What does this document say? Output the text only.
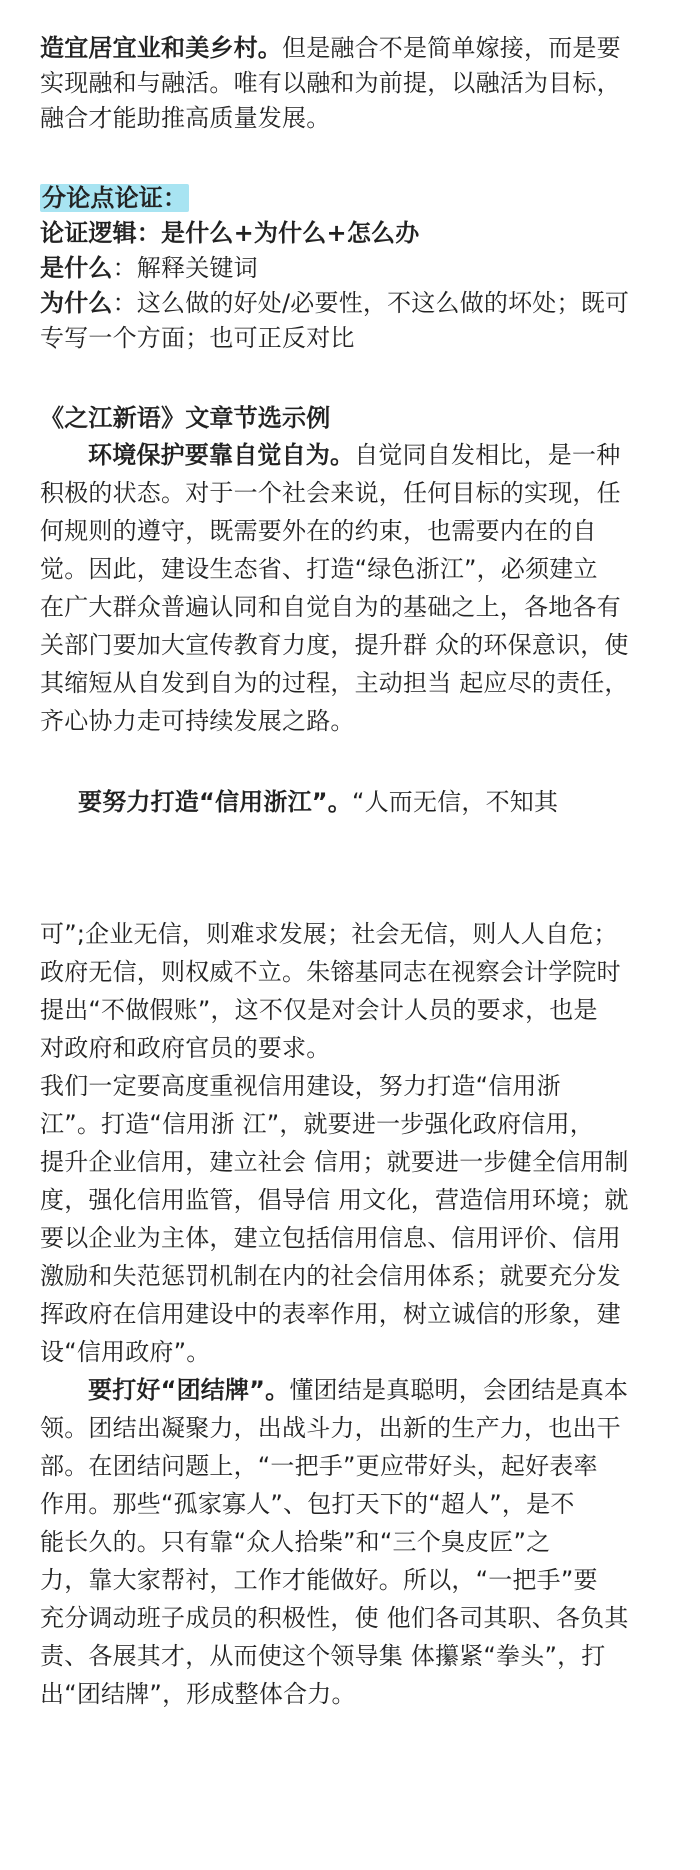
造宜居宜业和美乡村。但是融合不是简单嫁接，而是要
实现融和与融活。唯有以融和为前提，以融活为目标，
融合才能助推高质量发展。
分论点论证：
论证逻辑：是什么+为什么+怎么办
是什么：解释关键词
为什么：这么做的好处/必要性，不这么做的坏处；既可
专写一个方面；也可正反对比
《之江新语》文章节选示例
环境保护要靠自觉自为。自觉同自发相比，是一种
积极的状态。对于一个社会来说，任何目标的实现，任
何规则的遵守，既需要外在的约束，也需要内在的自
觉。因此，建设生态省、打造“绿色浙江”，必须建立
在广大群众普遍认同和自觉自为的基础之上，各地各有
关部门要加大宣传教育力度，提升群 众的环保意识，使
其缩短从自发到自为的过程，主动担当 起应尽的责任，
齐心协力走可持续发展之路。
要努力打造“信用浙江”。“人而无信，不知其
可”;企业无信，则难求发展；社会无信，则人人自危；
政府无信，则权威不立。朱镕基同志在视察会计学院时
提出“不做假账”，这不仅是对会计人员的要求，也是
对政府和政府官员的要求。
我们一定要高度重视信用建设，努力打造“信用浙
江”。打造“信用浙 江”，就要进一步强化政府信用，
提升企业信用，建立社会 信用；就要进一步健全信用制
度，强化信用监管，倡导信 用文化，营造信用环境；就
要以企业为主体，建立包括信用信息、信用评价、信用
激励和失范惩罚机制在内的社会信用体系；就要充分发
挥政府在信用建设中的表率作用，树立诚信的形象，建
设“信用政府”。
要打好“团结牌”。懂团结是真聪明，会团结是真本
领。团结出凝聚力，出战斗力，出新的生产力，也出干
部。在团结问题上，“一把手”更应带好头，起好表率
作用。那些“孤家寡人”、包打天下的“超人”，是不
能长久的。只有靠“众人拾柴”和“三个臭皮匠”之
力，靠大家帮衬，工作才能做好。所以，“一把手”要
充分调动班子成员的积极性，使 他们各司其职、各负其
责、各展其才，从而使这个领导集 体攥紧“拳头”，打
出“团结牌”，形成整体合力。
